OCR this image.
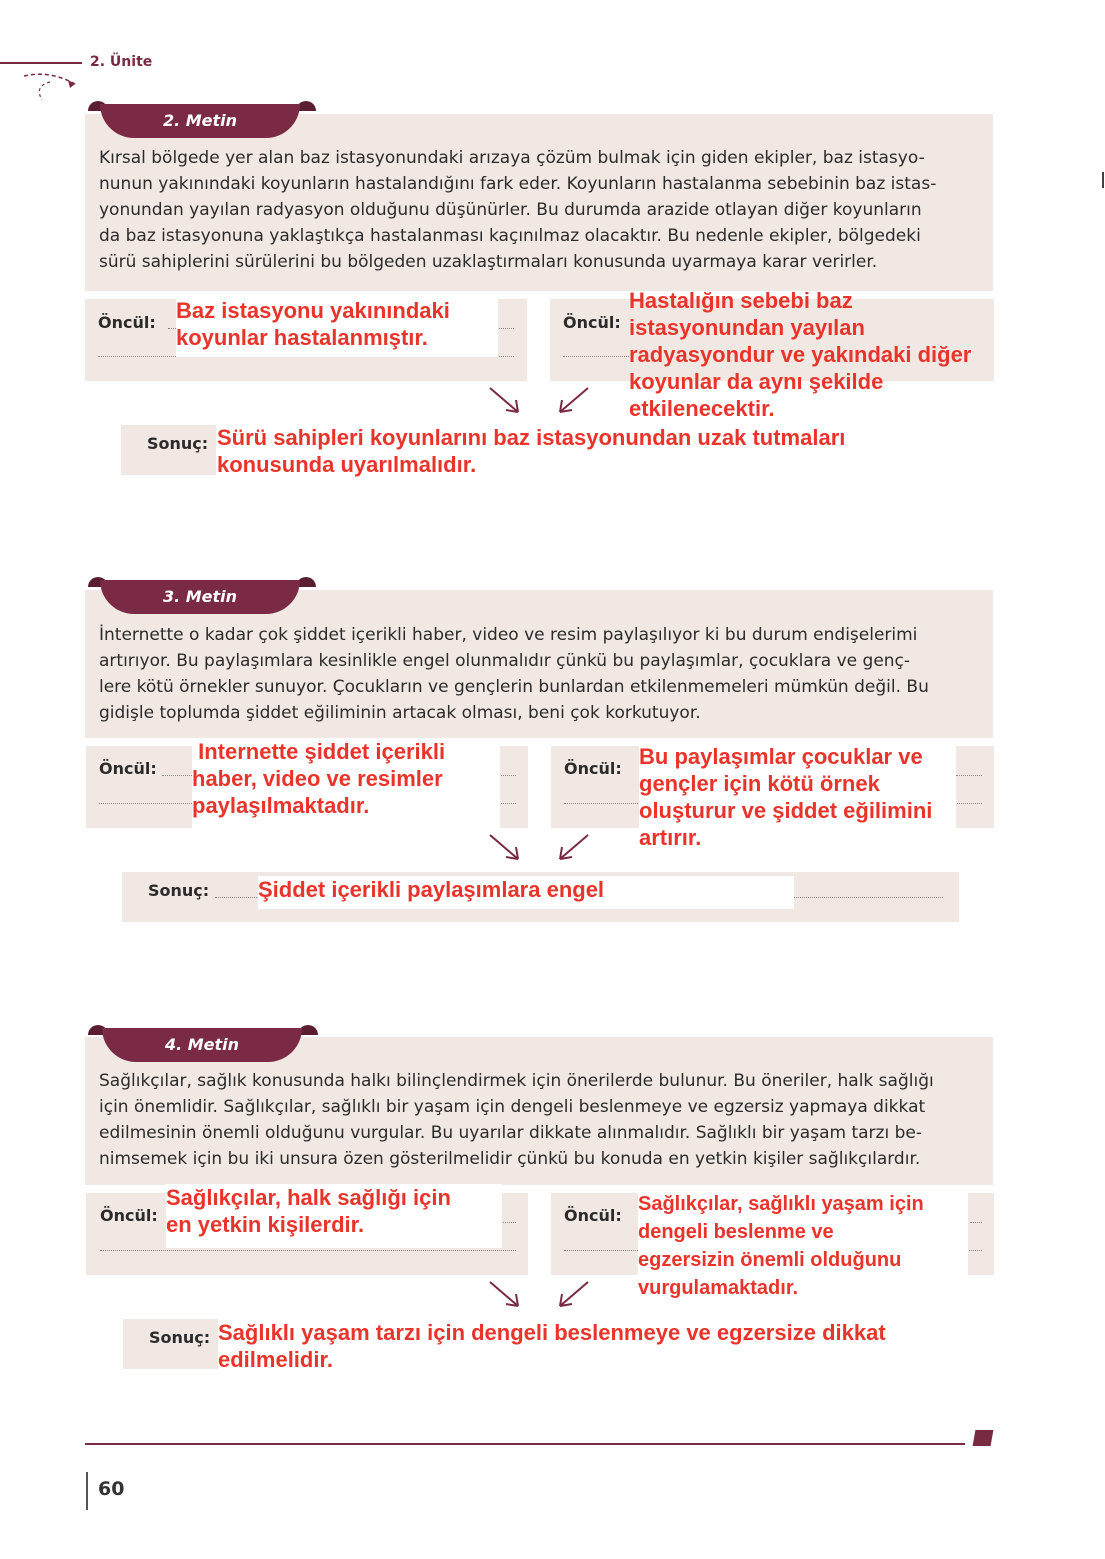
2. Ünite
Kırsal bölgede yer alan baz istasyonundaki arızaya çözüm bulmak için giden ekipler, baz istasyo-
nunun yakınındaki koyunların hastalandığını fark eder. Koyunların hastalanma sebebinin baz istas-
yonundan yayılan radyasyon olduğunu düşünürler. Bu durumda arazide otlayan diğer koyunların
da baz istasyonuna yaklaştıkça hastalanması kaçınılmaz olacaktır. Bu nedenle ekipler, bölgedeki
sürü sahiplerini sürülerini bu bölgeden uzaklaştırmaları konusunda uyarmaya karar verirler.
2. Metin
Öncül: Baz istasyonu yakınındaki
koyunlar hastalanmıştır.
Öncül:
Hastalığın sebebi baz
istasyonundan yayılan
radyasyondur ve yakındaki diğer
koyunlar da aynı şekilde
etkilenecektir.
Sonuç: Sürü sahipleri koyunlarını baz istasyonundan uzak tutmaları
konusunda uyarılmalıdır.
İnternette o kadar çok şiddet içerikli haber, video ve resim paylaşılıyor ki bu durum endişelerimi
artırıyor. Bu paylaşımlara kesinlikle engel olunmalıdır çünkü bu paylaşımlar, çocuklara ve genç-
lere kötü örnekler sunuyor. Çocukların ve gençlerin bunlardan etkilenmemeleri mümkün değil. Bu
gidişle toplumda şiddet eğiliminin artacak olması, beni çok korkutuyor.
3. Metin
Öncül:
Internette şiddet içerikli
haber, video ve resimler
paylaşılmaktadır.
Öncül: Bu paylaşımlar çocuklar ve
gençler için kötü örnek
oluşturur ve şiddet eğilimini
artırır.
Sonuç: Şiddet içerikli paylaşımlara engel
Sağlıkçılar, sağlık konusunda halkı bilinçlendirmek için önerilerde bulunur. Bu öneriler, halk sağlığı
için önemlidir. Sağlıkçılar, sağlıklı bir yaşam için dengeli beslenmeye ve egzersiz yapmaya dikkat
edilmesinin önemli olduğunu vurgular. Bu uyarılar dikkate alınmalıdır. Sağlıklı bir yaşam tarzı be-
nimsemek için bu iki unsura özen gösterilmelidir çünkü bu konuda en yetkin kişiler sağlıkçılardır.
4. Metin
Öncül:
Sağlıkçılar, halk sağlığı için
en yetkin kişilerdir.	Öncül:
Sağlıkçılar, sağlıklı yaşam için
dengeli beslenme ve
egzersizin önemli olduğunu
vurgulamaktadır.
Sonuç: Sağlıklı yaşam tarzı için dengeli beslenmeye ve egzersize dikkat
edilmelidir.
60
